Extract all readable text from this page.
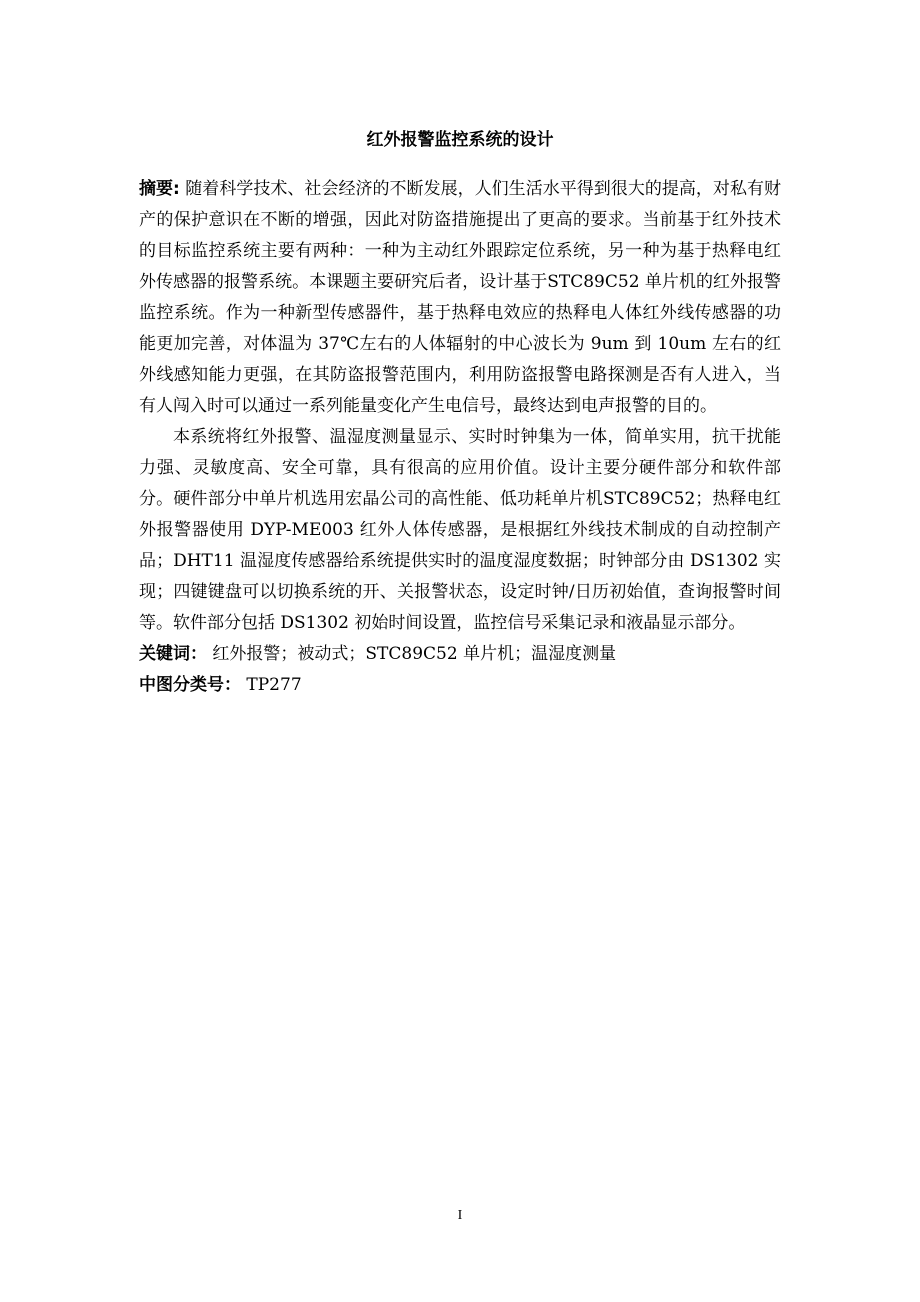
红外报警监控系统的设计

摘要: 随着科学技术、社会经济的不断发展，人们生活水平得到很大的提高，对私有财产的保护意识在不断的增强，因此对防盗措施提出了更高的要求。当前基于红外技术的目标监控系统主要有两种：一种为主动红外跟踪定位系统，另一种为基于热释电红外传感器的报警系统。本课题主要研究后者，设计基于STC89C52 单片机的红外报警监控系统。作为一种新型传感器件，基于热释电效应的热释电人体红外线传感器的功能更加完善，对体温为 37℃左右的人体辐射的中心波长为 9um 到 10um 左右的红外线感知能力更强，在其防盗报警范围内，利用防盗报警电路探测是否有人进入，当有人闯入时可以通过一系列能量变化产生电信号，最终达到电声报警的目的。

本系统将红外报警、温湿度测量显示、实时时钟集为一体，简单实用，抗干扰能力强、灵敏度高、安全可靠，具有很高的应用价值。设计主要分硬件部分和软件部分。硬件部分中单片机选用宏晶公司的高性能、低功耗单片机STC89C52；热释电红外报警器使用 DYP-ME003 红外人体传感器，是根据红外线技术制成的自动控制产品；DHT11 温湿度传感器给系统提供实时的温度湿度数据；时钟部分由 DS1302 实现；四键键盘可以切换系统的开、关报警状态，设定时钟/日历初始值，查询报警时间等。软件部分包括 DS1302 初始时间设置，监控信号采集记录和液晶显示部分。

关键词： 红外报警；被动式；STC89C52 单片机；温湿度测量

中图分类号： TP277

I
